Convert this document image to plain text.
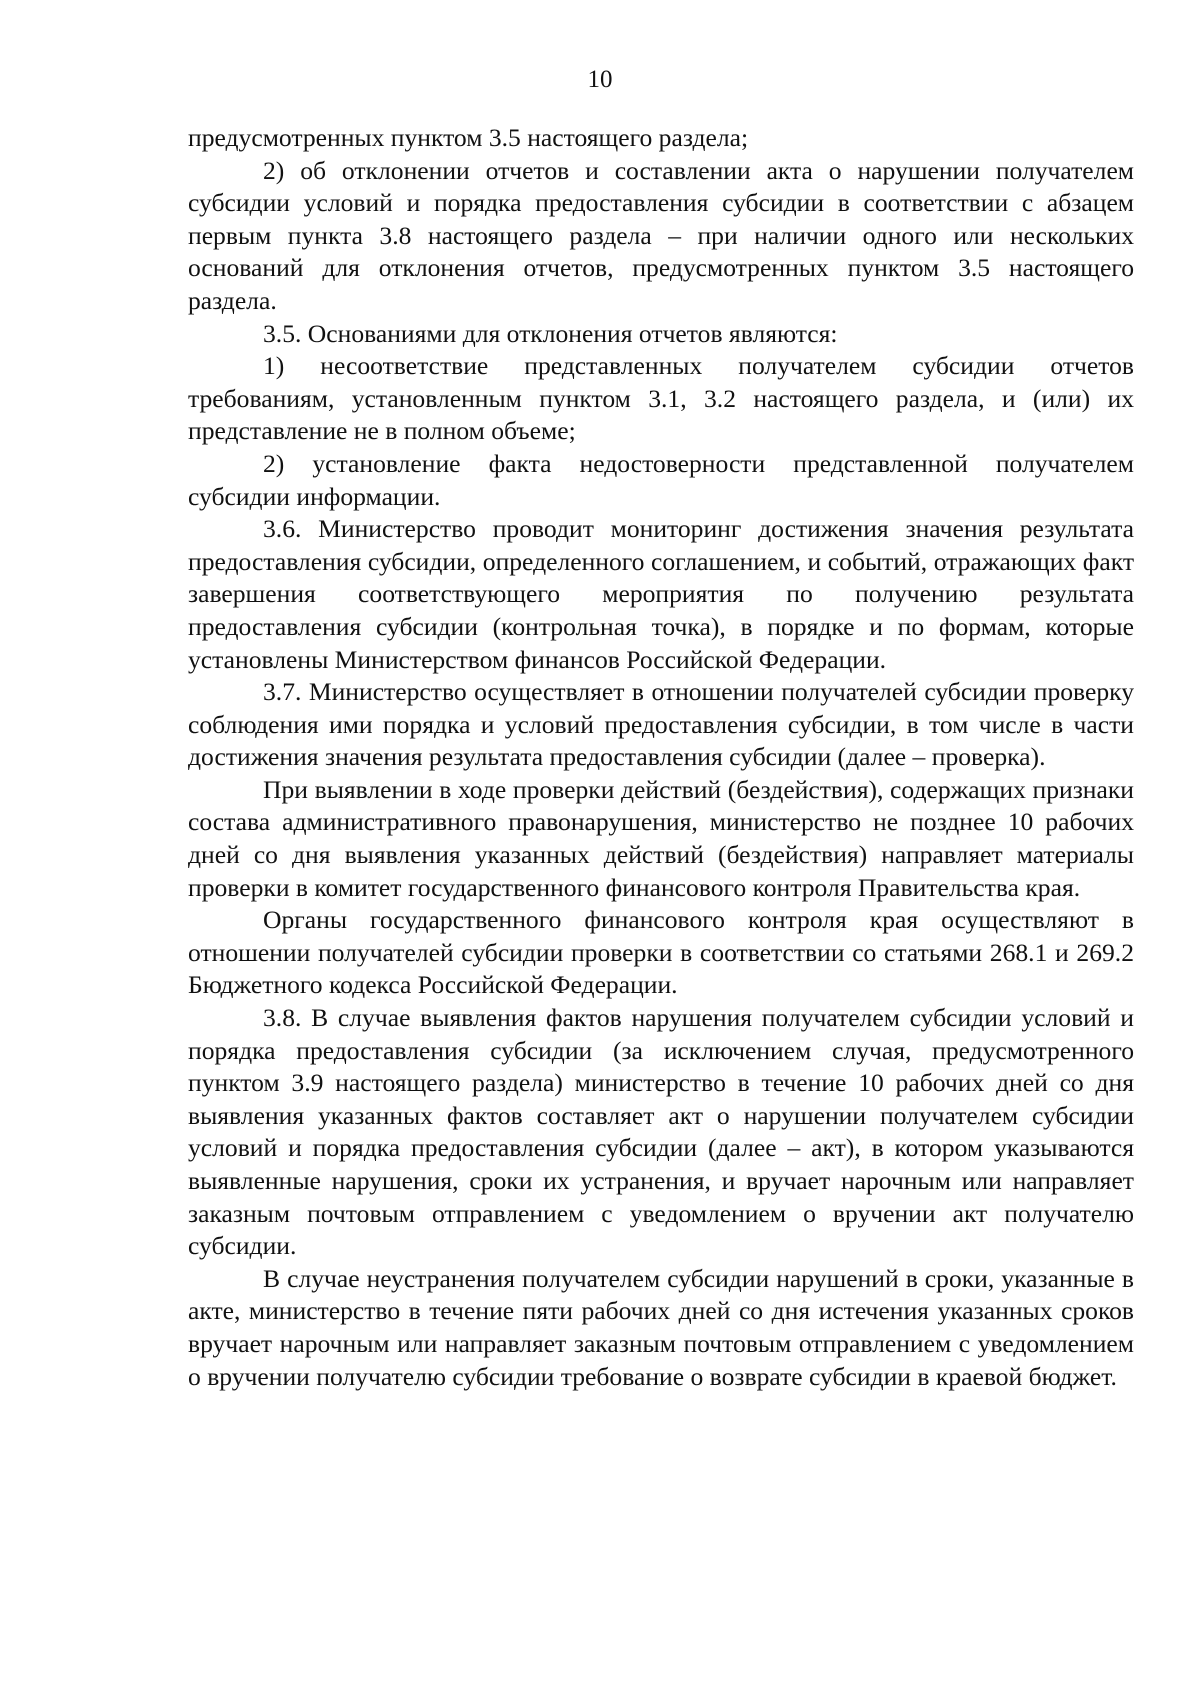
10

предусмотренных пунктом 3.5 настоящего раздела;

2) об отклонении отчетов и составлении акта о нарушении получателем субсидии условий и порядка предоставления субсидии в соответствии с абзацем первым пункта 3.8 настоящего раздела – при наличии одного или нескольких оснований для отклонения отчетов, предусмотренных пунктом 3.5 настоящего раздела.

3.5. Основаниями для отклонения отчетов являются:

1) несоответствие представленных получателем субсидии отчетов требованиям, установленным пунктом 3.1, 3.2 настоящего раздела, и (или) их представление не в полном объеме;

2) установление факта недостоверности представленной получателем субсидии информации.

3.6. Министерство проводит мониторинг достижения значения результата предоставления субсидии, определенного соглашением, и событий, отражающих факт завершения соответствующего мероприятия по получению результата предоставления субсидии (контрольная точка), в порядке и по формам, которые установлены Министерством финансов Российской Федерации.

3.7. Министерство осуществляет в отношении получателей субсидии проверку соблюдения ими порядка и условий предоставления субсидии, в том числе в части достижения значения результата предоставления субсидии (далее – проверка).

При выявлении в ходе проверки действий (бездействия), содержащих признаки состава административного правонарушения, министерство не позднее 10 рабочих дней со дня выявления указанных действий (бездействия) направляет материалы проверки в комитет государственного финансового контроля Правительства края.

Органы государственного финансового контроля края осуществляют в отношении получателей субсидии проверки в соответствии со статьями 268.1 и 269.2 Бюджетного кодекса Российской Федерации.

3.8. В случае выявления фактов нарушения получателем субсидии условий и порядка предоставления субсидии (за исключением случая, предусмотренного пунктом 3.9 настоящего раздела) министерство в течение 10 рабочих дней со дня выявления указанных фактов составляет акт о нарушении получателем субсидии условий и порядка предоставления субсидии (далее – акт), в котором указываются выявленные нарушения, сроки их устранения, и вручает нарочным или направляет заказным почтовым отправлением с уведомлением о вручении акт получателю субсидии.

В случае неустранения получателем субсидии нарушений в сроки, указанные в акте, министерство в течение пяти рабочих дней со дня истечения указанных сроков вручает нарочным или направляет заказным почтовым отправлением с уведомлением о вручении получателю субсидии требование о возврате субсидии в краевой бюджет.
